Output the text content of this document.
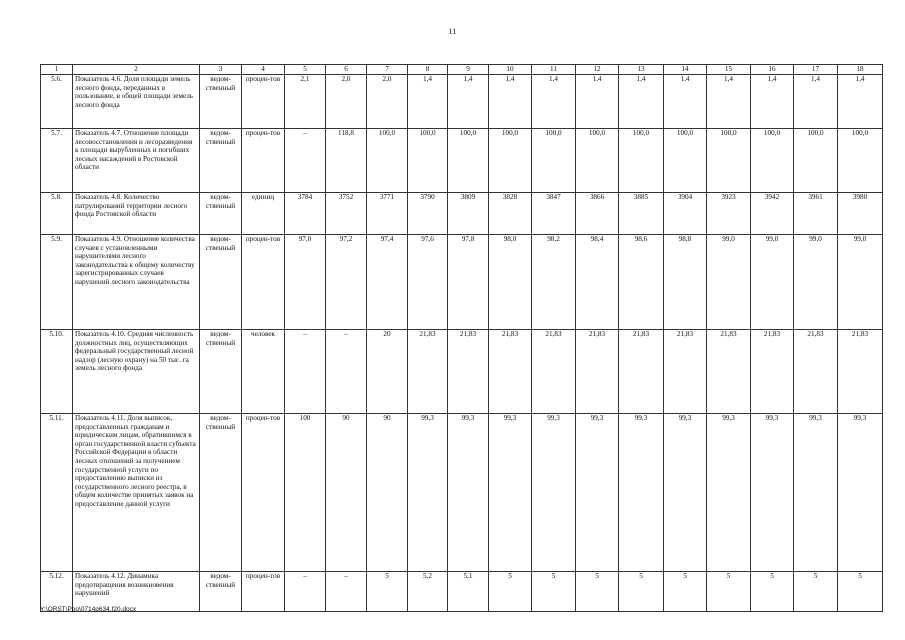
11
1	2	3	4	5	6	7	8	9	10	11	12	13	14	15	16	17	18
5.6.	Показатель 4.6. Доля площади земель лесного фонда, переданных в пользование, в общей площади земель лесного фонда	ведом-ственный	процен-тов	2,1	2,0	2,0	1,4	1,4	1,4	1,4	1,4	1,4	1,4	1,4	1,4	1,4	1,4
5.7.	Показатель 4.7. Отношение площади лесовосстановления и лесоразведения к площади вырубленных и погибших лесных насаждений в Ростовской области	ведом-ственный	процен-тов	–	118,8	100,0	100,0	100,0	100,0	100,0	100,0	100,0	100,0	100,0	100,0	100,0	100,0
5.8.	Показатель 4.8. Количество патрулирований территории лесного фонда Ростовской области	ведом-ственный	единиц	3784	3752	3771	3790	3809	3828	3847	3866	3885	3904	3923	3942	3961	3980
5.9.	Показатель 4.9. Отношение количества случаев с установленными нарушителями лесного законодательства к общему количеству зарегистрированных случаев нарушений лесного законодательства	ведом-ственный	процен-тов	97,0	97,2	97,4	97,6	97,8	98,0	98,2	98,4	98,6	98,8	99,0	99,0	99,0	99,0
5.10.	Показатель 4.10. Средняя численность должностных лиц, осуществляющих федеральный государственный лесной надзор (лесную охрану) на 50 тыс. га земель лесного фонда	ведом-ственный	человек	–	–	20	21,83	21,83	21,83	21,83	21,83	21,83	21,83	21,83	21,83	21,83	21,83
5.11.	Показатель 4.11. Доля выписок, предоставленных гражданам и юридическим лицам, обратившимся в орган государственной власти субъекта Российской Федерации в области лесных отношений за получением государственной услуги по предоставлению выписки из государственного лесного реестра, в общем количестве принятых заявок на предоставление данной услуги	ведом-ственный	процен-тов	100	90	90	99,3	99,3	99,3	99,3	99,3	99,3	99,3	99,3	99,3	99,3	99,3
5.12.	Показатель 4.12. Динамика предотвращения возникновения нарушений	ведом-ственный	процен-тов	–	–	5	5,2	5,1	5	5	5	5	5	5	5	5	5
Y:\ORST\Ppo\0714p634.f20.docx
